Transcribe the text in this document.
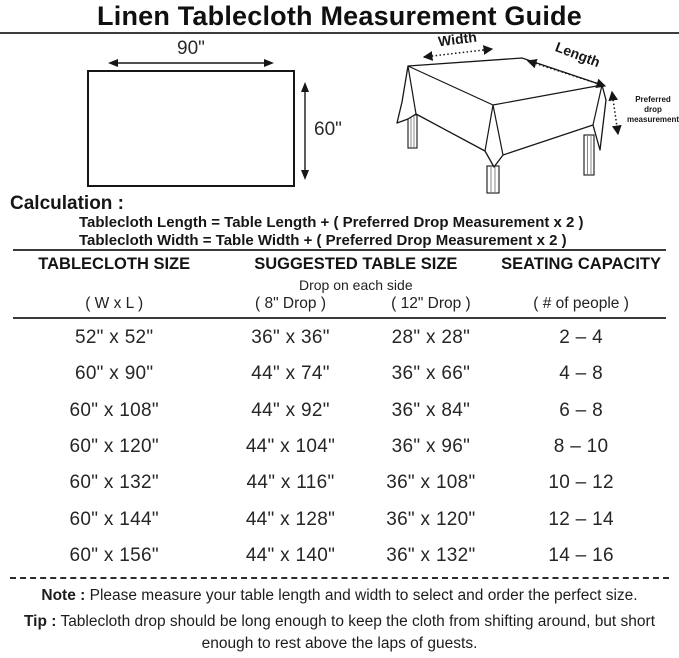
Linen Tablecloth Measurement Guide
90"
60"
Width	Length
Preferred
drop
measurement
Calculation :
Tablecloth Length = Table Length + ( Preferred Drop Measurement x 2 )
Tablecloth Width = Table Width + ( Preferred Drop Measurement x 2 )
TABLECLOTH SIZE	SUGGESTED TABLE SIZE	SEATING CAPACITY
Drop on each side
( W x L )	( 8" Drop )	( 12" Drop )	( # of people )
52" x 52"	36" x 36"	28" x 28"	2 – 4
60" x 90"	44" x 74"	36" x 66"	4 – 8
60" x 108"	44" x 92"	36" x 84"	6 – 8
60" x 120"	44" x 104"	36" x 96"	8 – 10
60" x 132"	44" x 116"	36" x 108"	10 – 12
60" x 144"	44" x 128"	36" x 120"	12 – 14
60" x 156"	44" x 140"	36" x 132"	14 – 16
Note : Please measure your table length and width to select and order the perfect size.
Tip : Tablecloth drop should be long enough to keep the cloth from shifting around, but short enough to rest above the laps of guests.
